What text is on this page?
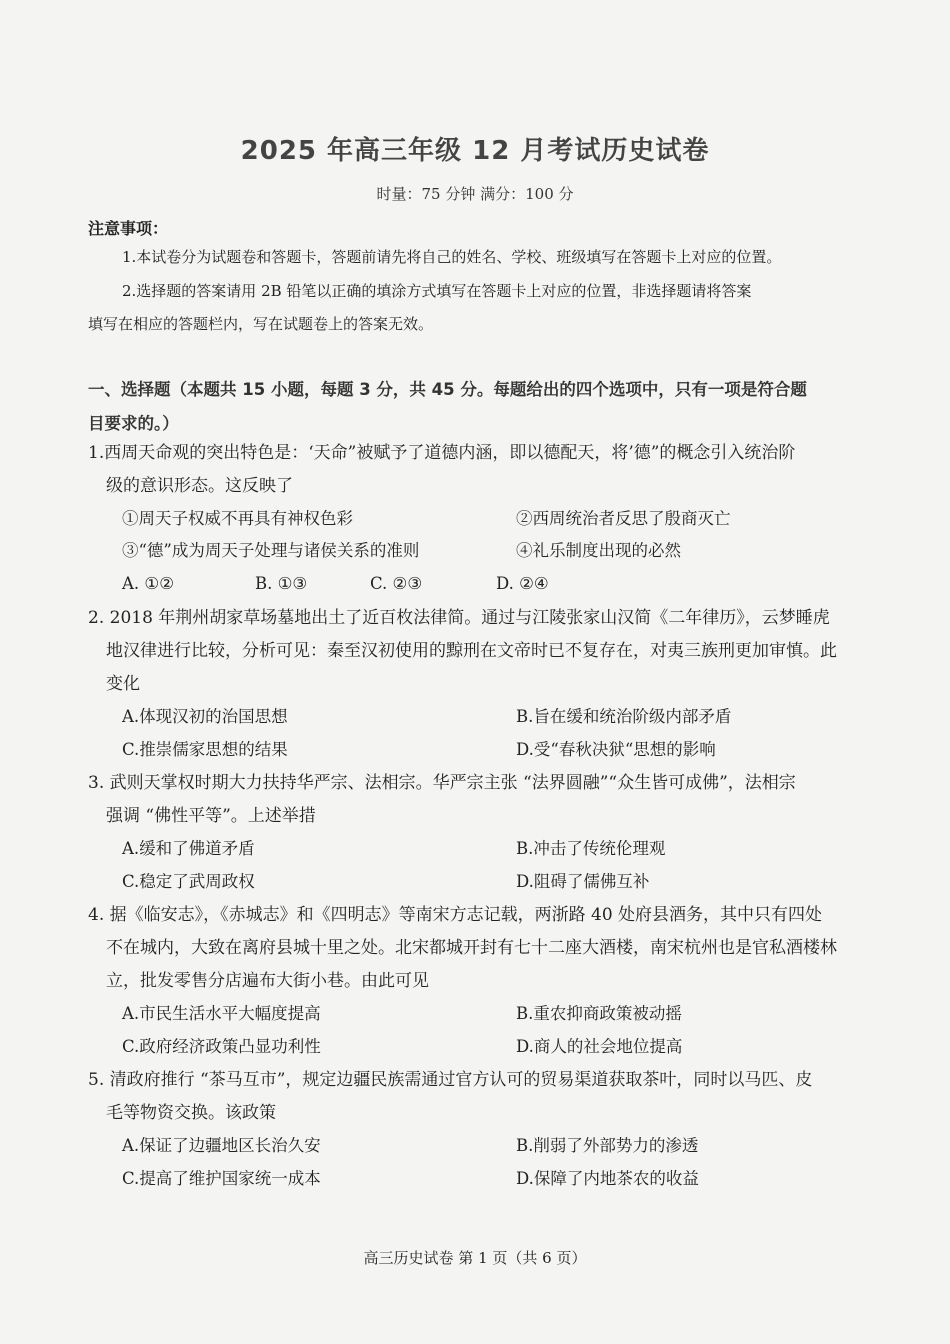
2025 年高三年级 12 月考试历史试卷
时量：75 分钟 满分：100 分
注意事项：
1.本试卷分为试题卷和答题卡，答题前请先将自己的姓名、学校、班级填写在答题卡上对应的位置。
2.选择题的答案请用 2B 铅笔以正确的填涂方式填写在答题卡上对应的位置，非选择题请将答案
填写在相应的答题栏内，写在试题卷上的答案无效。
一、选择题（本题共 15 小题，每题 3 分，共 45 分。每题给出的四个选项中，只有一项是符合题
目要求的。）
1.西周天命观的突出特色是：‘天命”被赋予了道德内涵，即以德配天，将’德”的概念引入统治阶
级的意识形态。这反映了
①周天子权威不再具有神权色彩	②西周统治者反思了殷商灭亡
③“德”成为周天子处理与诸侯关系的准则	④礼乐制度出现的必然
A. ①②	B. ①③	C. ②③	D. ②④
2. 2018 年荆州胡家草场墓地出土了近百枚法律简。通过与江陵张家山汉简《二年律历》，云梦睡虎
地汉律进行比较，分析可见：秦至汉初使用的黥刑在文帝时已不复存在，对夷三族刑更加审慎。此
变化
A.体现汉初的治国思想	B.旨在缓和统治阶级内部矛盾
C.推崇儒家思想的结果	D.受“春秋决狱“思想的影响
3. 武则天掌权时期大力扶持华严宗、法相宗。华严宗主张 “法界圆融”“众生皆可成佛”，法相宗
强调 “佛性平等”。上述举措
A.缓和了佛道矛盾	B.冲击了传统伦理观
C.稳定了武周政权	D.阻碍了儒佛互补
4. 据《临安志》，《赤城志》和《四明志》等南宋方志记载，两浙路 40 处府县酒务，其中只有四处
不在城内，大致在离府县城十里之处。北宋都城开封有七十二座大酒楼，南宋杭州也是官私酒楼林
立，批发零售分店遍布大街小巷。由此可见
A.市民生活水平大幅度提高	B.重农抑商政策被动摇
C.政府经济政策凸显功利性	D.商人的社会地位提高
5. 清政府推行 “茶马互市”，规定边疆民族需通过官方认可的贸易渠道获取茶叶，同时以马匹、皮
毛等物资交换。该政策
A.保证了边疆地区长治久安	B.削弱了外部势力的渗透
C.提高了维护国家统一成本	D.保障了内地茶农的收益
高三历史试卷 第 1 页（共 6 页）
